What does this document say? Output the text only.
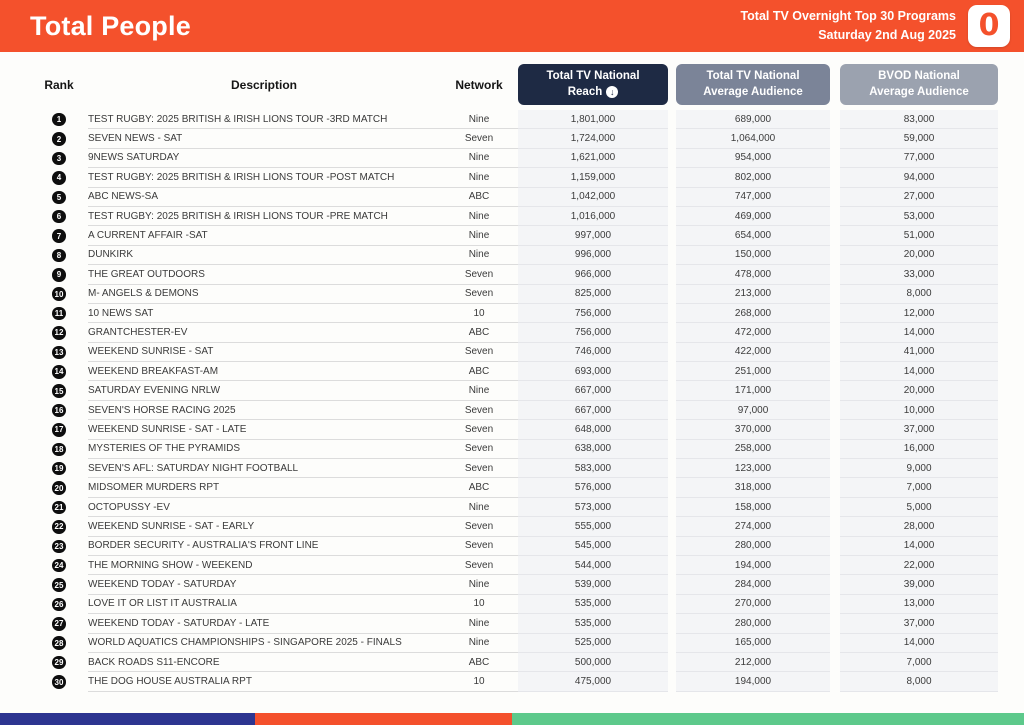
Total People	Total TV Overnight Top 30 Programs
Saturday 2nd Aug 2025 0
Rank	Description	Network
Total TV National
Reach ↓
Total TV National
Average Audience
BVOD National
Average Audience
1	TEST RUGBY: 2025 BRITISH & IRISH LIONS TOUR -3RD MATCH	Nine	1,801,000	689,000	83,000
2	SEVEN NEWS - SAT	Seven	1,724,000	1,064,000	59,000
3	9NEWS SATURDAY	Nine	1,621,000	954,000	77,000
4	TEST RUGBY: 2025 BRITISH & IRISH LIONS TOUR -POST MATCH	Nine	1,159,000	802,000	94,000
5	ABC NEWS-SA	ABC	1,042,000	747,000	27,000
6	TEST RUGBY: 2025 BRITISH & IRISH LIONS TOUR -PRE MATCH	Nine	1,016,000	469,000	53,000
7	A CURRENT AFFAIR -SAT	Nine	997,000	654,000	51,000
8	DUNKIRK	Nine	996,000	150,000	20,000
9	THE GREAT OUTDOORS	Seven	966,000	478,000	33,000
10 M- ANGELS & DEMONS	Seven	825,000	213,000	8,000
11 10 NEWS SAT	10	756,000	268,000	12,000
12 GRANTCHESTER-EV	ABC	756,000	472,000	14,000
13 WEEKEND SUNRISE - SAT	Seven	746,000	422,000	41,000
14 WEEKEND BREAKFAST-AM	ABC	693,000	251,000	14,000
15 SATURDAY EVENING NRLW	Nine	667,000	171,000	20,000
16 SEVEN'S HORSE RACING 2025	Seven	667,000	97,000	10,000
17 WEEKEND SUNRISE - SAT - LATE	Seven	648,000	370,000	37,000
18 MYSTERIES OF THE PYRAMIDS	Seven	638,000	258,000	16,000
19 SEVEN'S AFL: SATURDAY NIGHT FOOTBALL	Seven	583,000	123,000	9,000
20 MIDSOMER MURDERS RPT	ABC	576,000	318,000	7,000
21 OCTOPUSSY -EV	Nine	573,000	158,000	5,000
22 WEEKEND SUNRISE - SAT - EARLY	Seven	555,000	274,000	28,000
23 BORDER SECURITY - AUSTRALIA'S FRONT LINE	Seven	545,000	280,000	14,000
24 THE MORNING SHOW - WEEKEND	Seven	544,000	194,000	22,000
25 WEEKEND TODAY - SATURDAY	Nine	539,000	284,000	39,000
26 LOVE IT OR LIST IT AUSTRALIA	10	535,000	270,000	13,000
27 WEEKEND TODAY - SATURDAY - LATE	Nine	535,000	280,000	37,000
28 WORLD AQUATICS CHAMPIONSHIPS - SINGAPORE 2025 - FINALS	Nine	525,000	165,000	14,000
29 BACK ROADS S11-ENCORE	ABC	500,000	212,000	7,000
30 THE DOG HOUSE AUSTRALIA RPT	10	475,000	194,000	8,000
